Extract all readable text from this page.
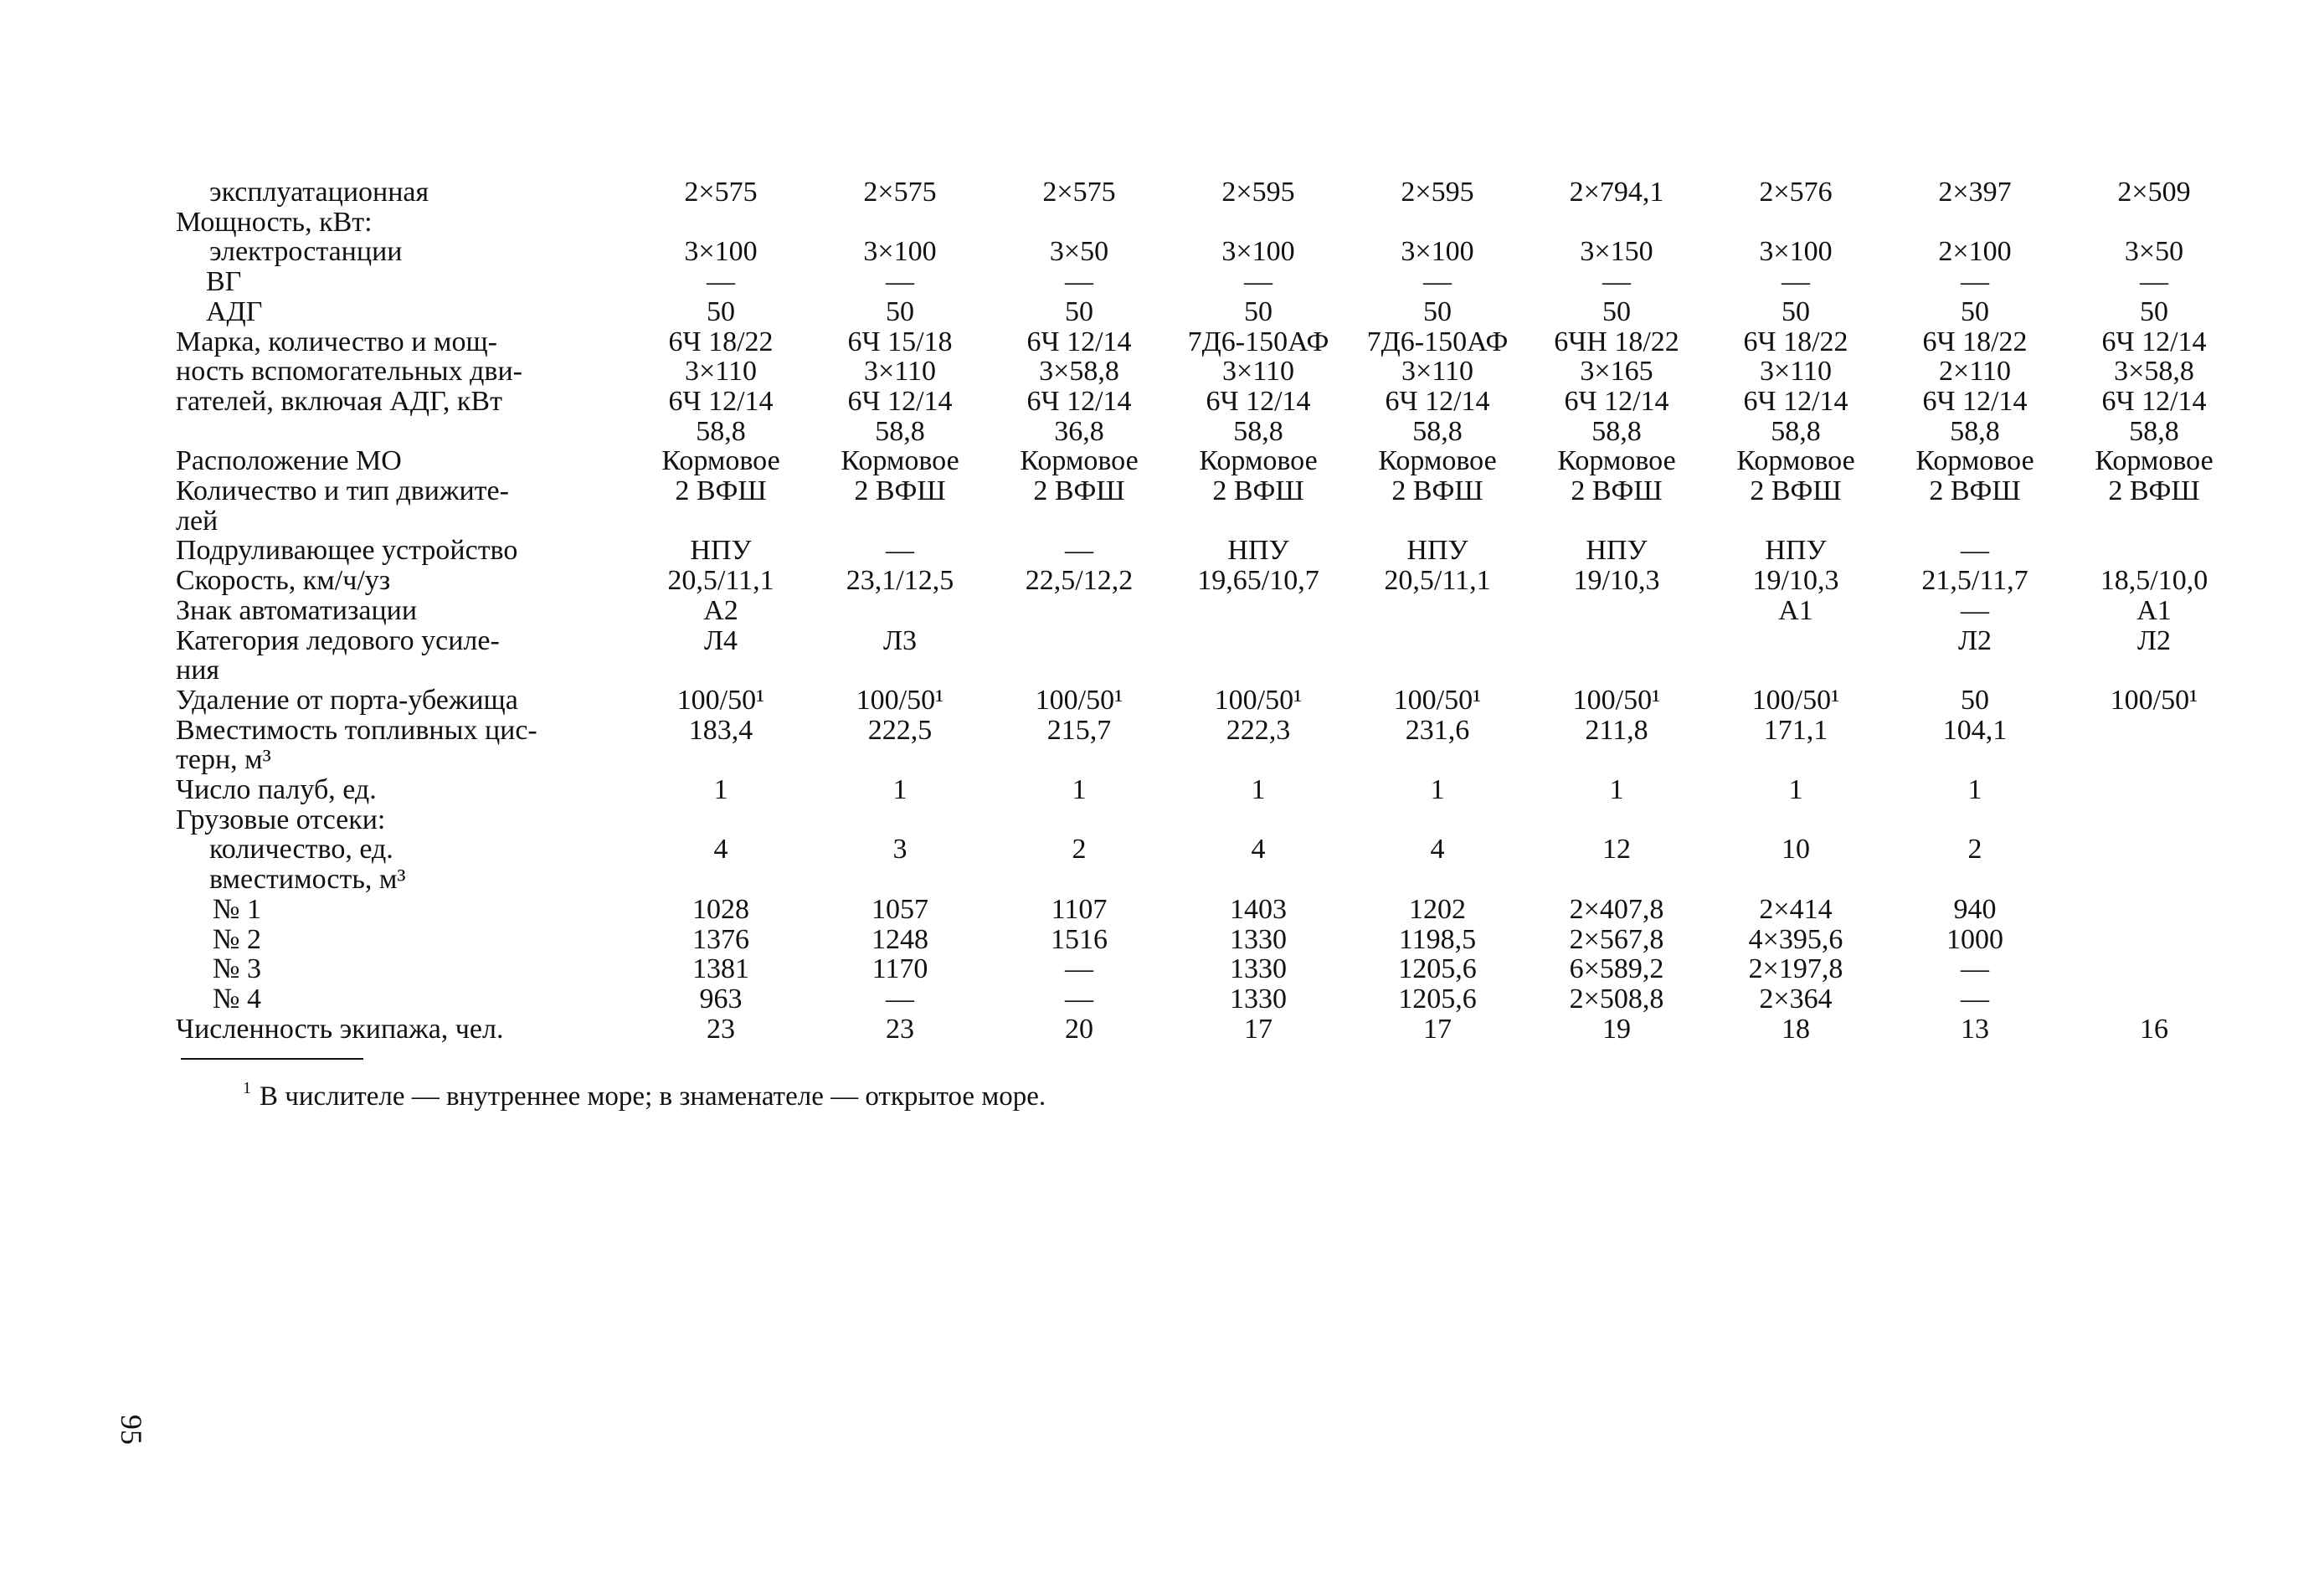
эксплуатационная	2×575	2×575	2×575	2×595	2×595	2×794,1	2×576	2×397	2×509
Мощность, кВт:									
электростанции	3×100	3×100	3×50	3×100	3×100	3×150	3×100	2×100	3×50
ВГ	—	—	—	—	—	—	—	—	—
АДГ	50	50	50	50	50	50	50	50	50
Марка, количество и мощ-	6Ч 18/22	6Ч 15/18	6Ч 12/14	7Д6-150АФ	7Д6-150АФ	6ЧН 18/22	6Ч 18/22	6Ч 18/22	6Ч 12/14
ность вспомогательных дви-	3×110	3×110	3×58,8	3×110	3×110	3×165	3×110	2×110	3×58,8
гателей, включая АДГ, кВт	6Ч 12/14	6Ч 12/14	6Ч 12/14	6Ч 12/14	6Ч 12/14	6Ч 12/14	6Ч 12/14	6Ч 12/14	6Ч 12/14
	58,8	58,8	36,8	58,8	58,8	58,8	58,8	58,8	58,8
Расположение МО	Кормовое	Кормовое	Кормовое	Кормовое	Кормовое	Кормовое	Кормовое	Кормовое	Кормовое
Количество и тип движите-	2 ВФШ	2 ВФШ	2 ВФШ	2 ВФШ	2 ВФШ	2 ВФШ	2 ВФШ	2 ВФШ	2 ВФШ
лей									
Подруливающее устройство	НПУ	—	—	НПУ	НПУ	НПУ	НПУ	—	
Скорость, км/ч/уз	20,5/11,1	23,1/12,5	22,5/12,2	19,65/10,7	20,5/11,1	19/10,3	19/10,3	21,5/11,7	18,5/10,0
Знак автоматизации	А2						А1	—	А1
Категория ледового усиле-	Л4	Л3						Л2	Л2
ния									
Удаление от порта-убежища	100/50¹	100/50¹	100/50¹	100/50¹	100/50¹	100/50¹	100/50¹	50	100/50¹
Вместимость топливных цис-	183,4	222,5	215,7	222,3	231,6	211,8	171,1	104,1	
терн, м³									
Число палуб, ед.	1	1	1	1	1	1	1	1	
Грузовые отсеки:									
количество, ед.	4	3	2	4	4	12	10	2	
вместимость, м³									
№ 1	1028	1057	1107	1403	1202	2×407,8	2×414	940	
№ 2	1376	1248	1516	1330	1198,5	2×567,8	4×395,6	1000	
№ 3	1381	1170	—	1330	1205,6	6×589,2	2×197,8	—	
№ 4	963	—	—	1330	1205,6	2×508,8	2×364	—	
Численность экипажа, чел.	23	23	20	17	17	19	18	13	16
$^1$ В числителе — внутреннее море; в знаменателе — открытое море.
95
